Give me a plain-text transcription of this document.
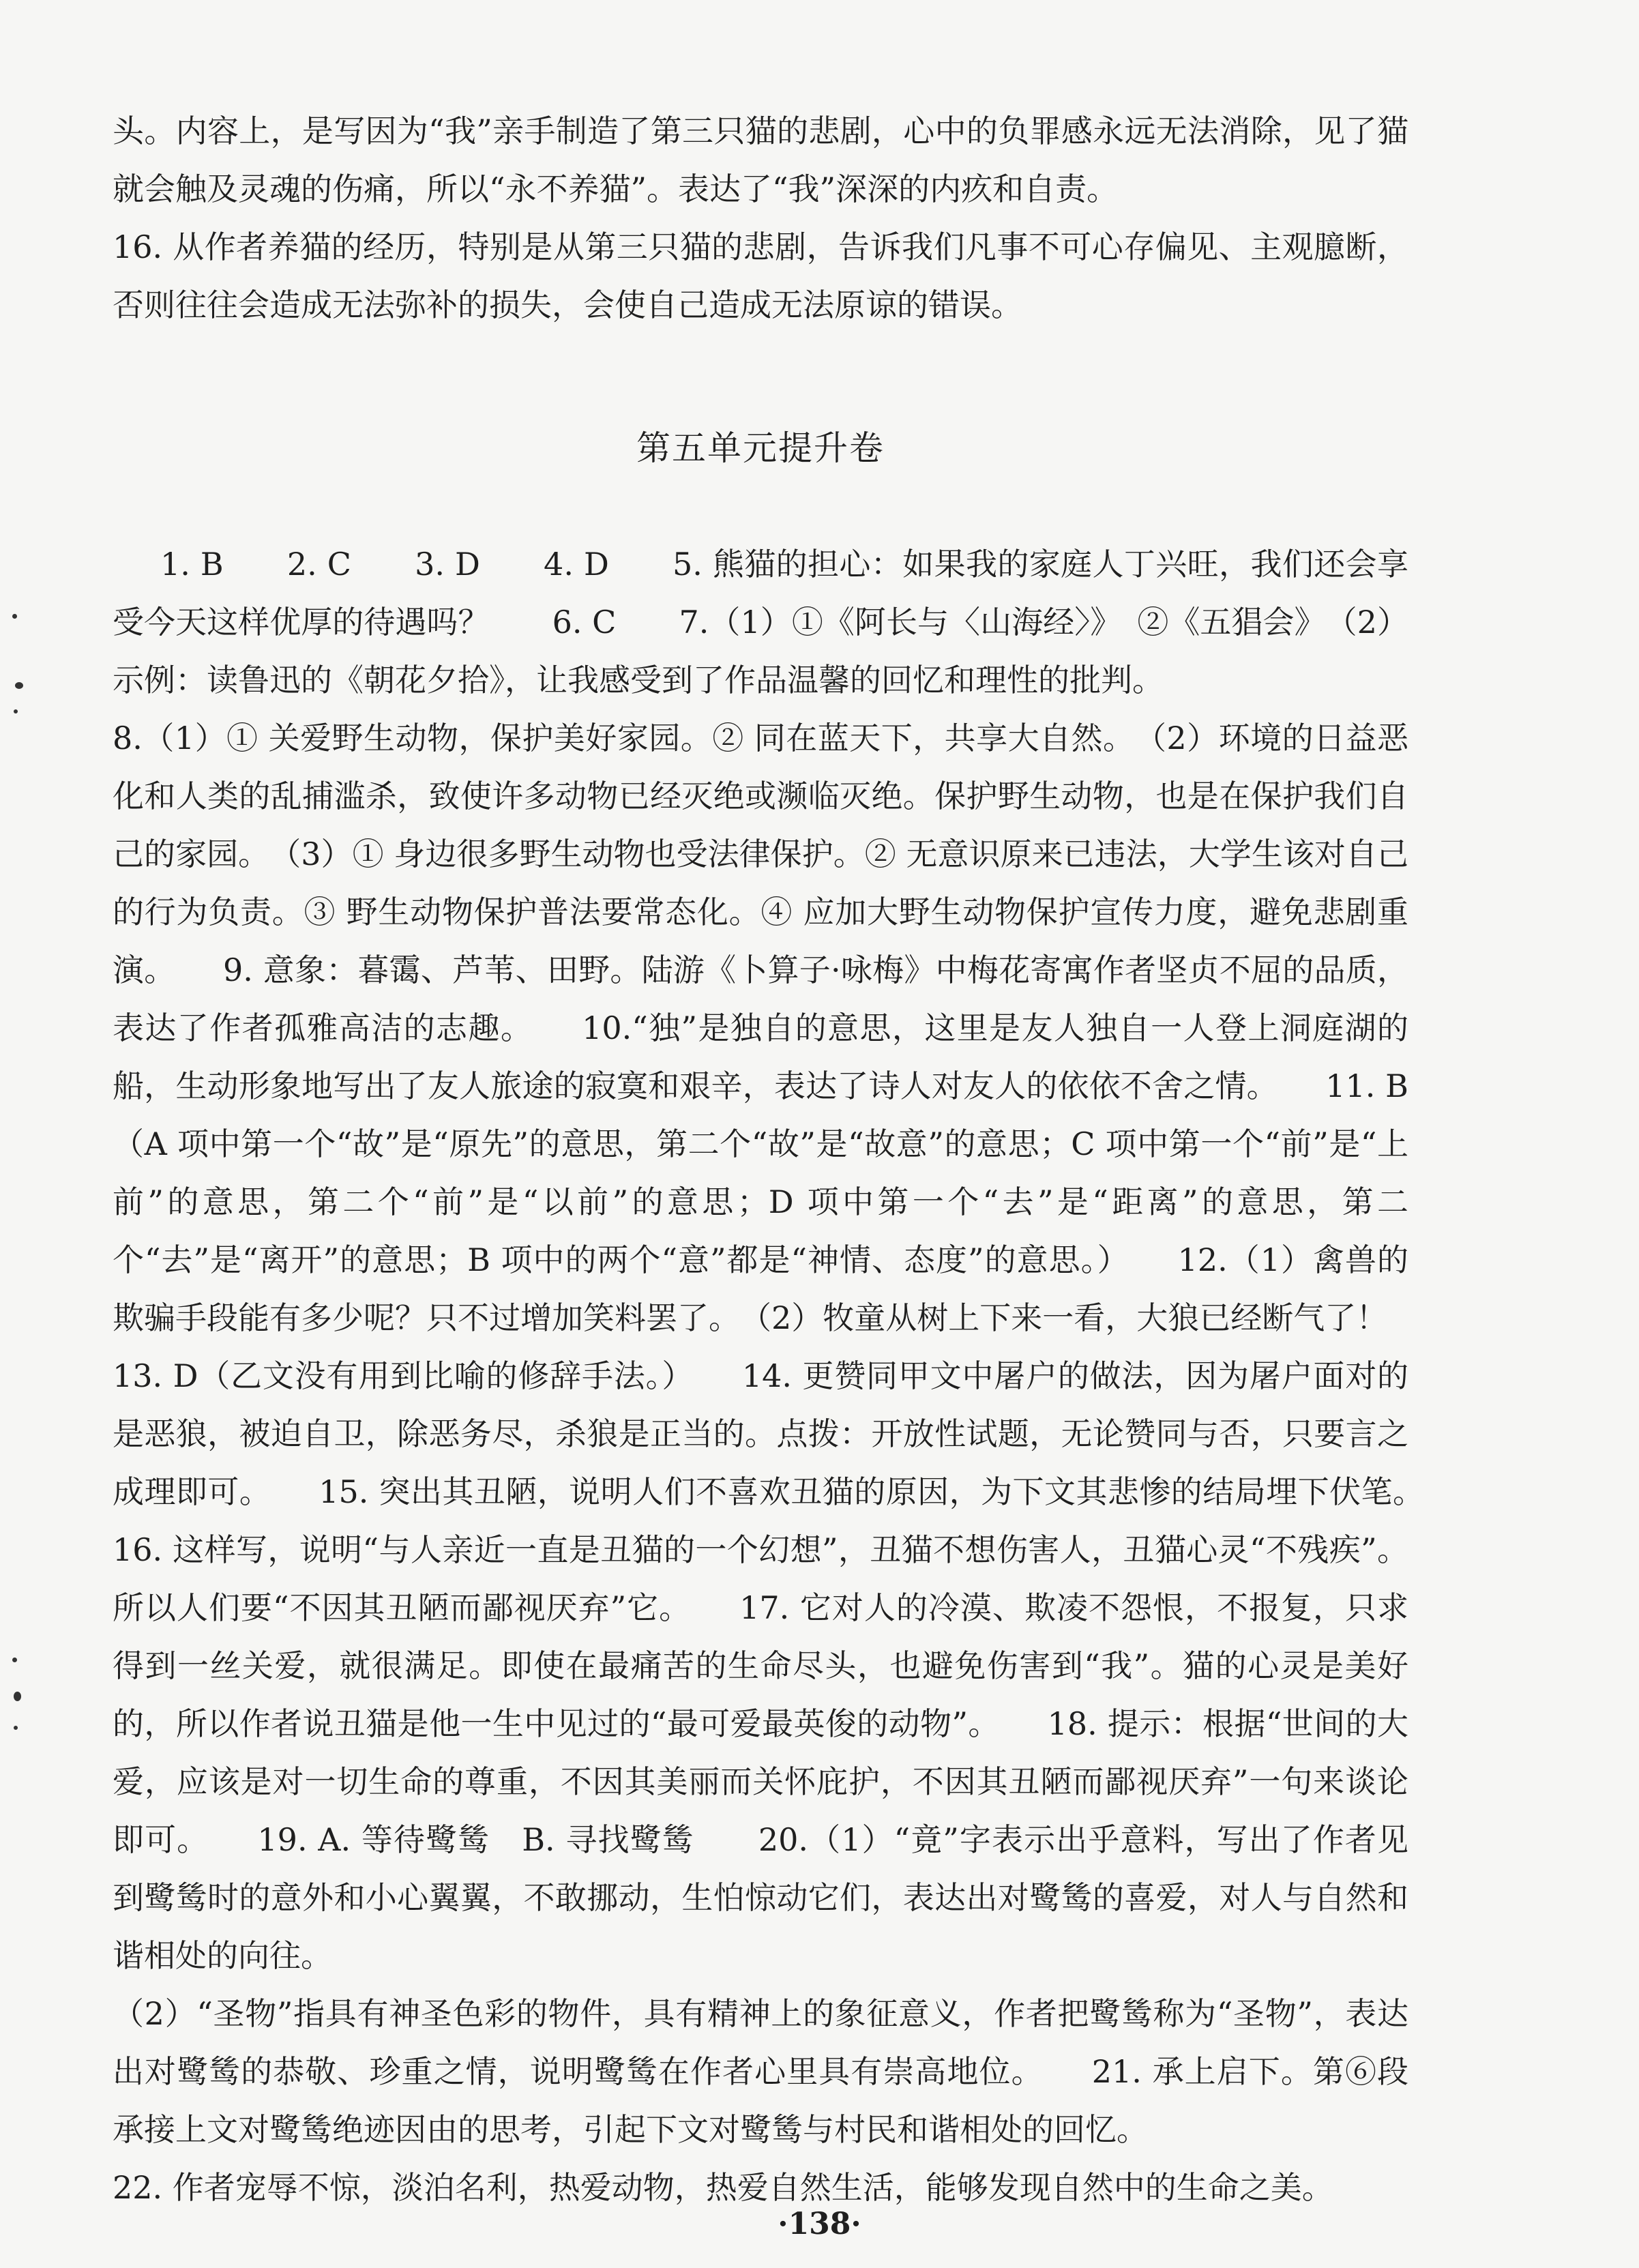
头。内容上，是写因为“我”亲手制造了第三只猫的悲剧，心中的负罪感永远无法消除，见了猫就会触及灵魂的伤痛，所以“永不养猫”。表达了“我”深深的内疚和自责。

16. 从作者养猫的经历，特别是从第三只猫的悲剧，告诉我们凡事不可心存偏见、主观臆断，否则往往会造成无法弥补的损失，会使自己造成无法原谅的错误。

第五单元提升卷

1. B　　2. C　　3. D　　4. D　　5. 熊猫的担心：如果我的家庭人丁兴旺，我们还会享受今天这样优厚的待遇吗？　　6. C　　7.（1）①《阿长与〈山海经〉》　②《五猖会》　（2）示例：读鲁迅的《朝花夕拾》，让我感受到了作品温馨的回忆和理性的批判。

8.（1）① 关爱野生动物，保护美好家园。② 同在蓝天下，共享大自然。　（2）环境的日益恶化和人类的乱捕滥杀，致使许多动物已经灭绝或濒临灭绝。保护野生动物，也是在保护我们自己的家园。　（3）① 身边很多野生动物也受法律保护。② 无意识原来已违法，大学生该对自己的行为负责。③ 野生动物保护普法要常态化。④ 应加大野生动物保护宣传力度，避免悲剧重演。　　9. 意象：暮霭、芦苇、田野。陆游《卜算子·咏梅》中梅花寄寓作者坚贞不屈的品质，表达了作者孤雅高洁的志趣。　　10.“独”是独自的意思，这里是友人独自一人登上洞庭湖的船，生动形象地写出了友人旅途的寂寞和艰辛，表达了诗人对友人的依依不舍之情。　　11. B（A 项中第一个“故”是“原先”的意思，第二个“故”是“故意”的意思；C 项中第一个“前”是“上前”的意思，第二个“前”是“以前”的意思；D 项中第一个“去”是“距离”的意思，第二个“去”是“离开”的意思；B 项中的两个“意”都是“神情、态度”的意思。）　　12.（1）禽兽的欺骗手段能有多少呢？只不过增加笑料罢了。　（2）牧童从树上下来一看，大狼已经断气了！

13. D（乙文没有用到比喻的修辞手法。）　　14. 更赞同甲文中屠户的做法，因为屠户面对的是恶狼，被迫自卫，除恶务尽，杀狼是正当的。点拨：开放性试题，无论赞同与否，只要言之成理即可。　　15. 突出其丑陋，说明人们不喜欢丑猫的原因，为下文其悲惨的结局埋下伏笔。　　16. 这样写，说明“与人亲近一直是丑猫的一个幻想”，丑猫不想伤害人，丑猫心灵“不残疾”。所以人们要“不因其丑陋而鄙视厌弃”它。　　17. 它对人的冷漠、欺凌不怨恨，不报复，只求得到一丝关爱，就很满足。即使在最痛苦的生命尽头，也避免伤害到“我”。猫的心灵是美好的，所以作者说丑猫是他一生中见过的“最可爱最英俊的动物”。　　18. 提示：根据“世间的大爱，应该是对一切生命的尊重，不因其美丽而关怀庇护，不因其丑陋而鄙视厌弃”一句来谈论即可。　　19. A. 等待鹭鸶　B. 寻找鹭鸶　　20.（1）“竟”字表示出乎意料，写出了作者见到鹭鸶时的意外和小心翼翼，不敢挪动，生怕惊动它们，表达出对鹭鸶的喜爱，对人与自然和谐相处的向往。

（2）“圣物”指具有神圣色彩的物件，具有精神上的象征意义，作者把鹭鸶称为“圣物”，表达出对鹭鸶的恭敬、珍重之情，说明鹭鸶在作者心里具有崇高地位。　　21. 承上启下。第⑥段承接上文对鹭鸶绝迹因由的思考，引起下文对鹭鸶与村民和谐相处的回忆。

22. 作者宠辱不惊，淡泊名利，热爱动物，热爱自然生活，能够发现自然中的生命之美。

·138·
